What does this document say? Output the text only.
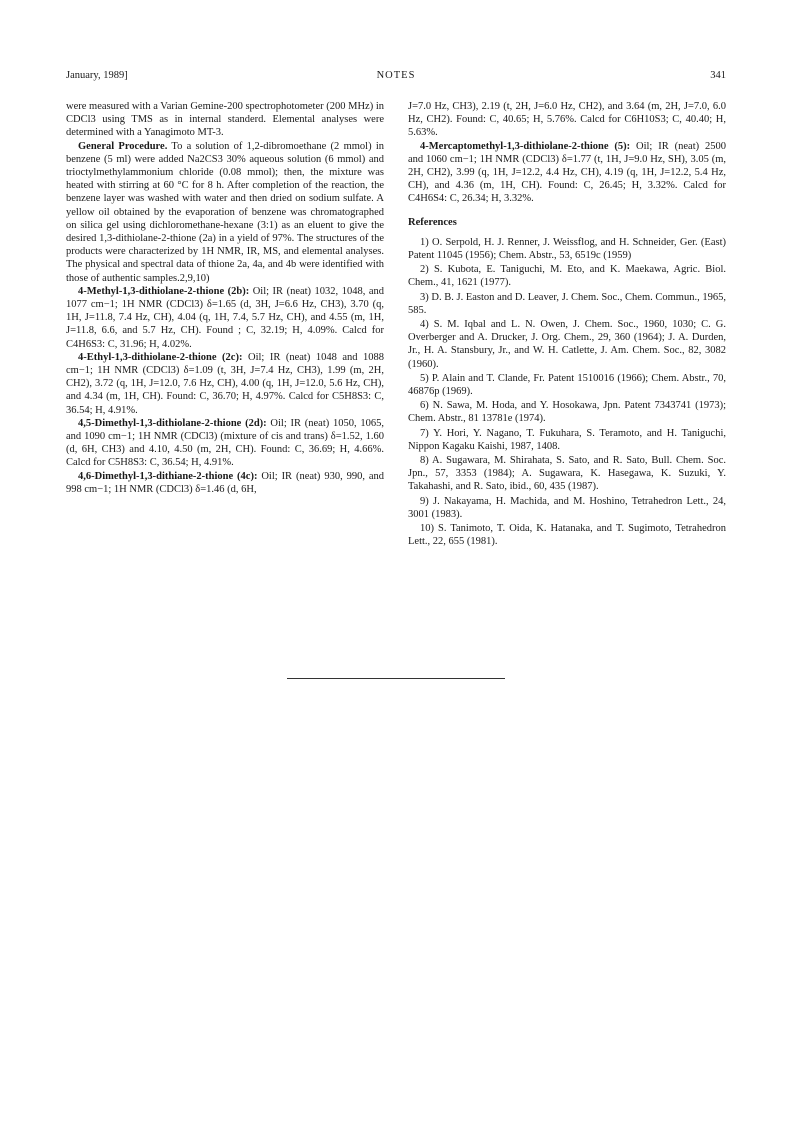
January, 1989]	NOTES	341

were measured with a Varian Gemine-200 spectrophotometer (200 MHz) in CDCl3 using TMS as in internal standerd. Elemental analyses were determined with a Yanagimoto MT-3.

General Procedure. To a solution of 1,2-dibromoethane (2 mmol) in benzene (5 ml) were added Na2CS3 30% aqueous solution (6 mmol) and trioctylmethylammonium chloride (0.08 mmol); then, the mixture was heated with stirring at 60 °C for 8 h. After completion of the reaction, the benzene layer was washed with water and then dried on sodium sulfate. A yellow oil obtained by the evaporation of benzene was chromatographed on silica gel using dichloromethane-hexane (3:1) as an eluent to give the desired 1,3-dithiolane-2-thione (2a) in a yield of 97%. The structures of the products were characterized by 1H NMR, IR, MS, and elemental analyses. The physical and spectral data of thione 2a, 4a, and 4b were identified with those of authentic samples.2,9,10)

4-Methyl-1,3-dithiolane-2-thione (2b): Oil; IR (neat) 1032, 1048, and 1077 cm−1; 1H NMR (CDCl3) δ=1.65 (d, 3H, J=6.6 Hz, CH3), 3.70 (q, 1H, J=11.8, 7.4 Hz, CH), 4.04 (q, 1H, 7.4, 5.7 Hz, CH), and 4.55 (m, 1H, J=11.8, 6.6, and 5.7 Hz, CH). Found ; C, 32.19; H, 4.09%. Calcd for C4H6S3: C, 31.96; H, 4.02%.

4-Ethyl-1,3-dithiolane-2-thione (2c): Oil; IR (neat) 1048 and 1088 cm−1; 1H NMR (CDCl3) δ=1.09 (t, 3H, J=7.4 Hz, CH3), 1.99 (m, 2H, CH2), 3.72 (q, 1H, J=12.0, 7.6 Hz, CH), 4.00 (q, 1H, J=12.0, 5.6 Hz, CH), and 4.34 (m, 1H, CH). Found: C, 36.70; H, 4.97%. Calcd for C5H8S3: C, 36.54; H, 4.91%.

4,5-Dimethyl-1,3-dithiolane-2-thione (2d): Oil; IR (neat) 1050, 1065, and 1090 cm−1; 1H NMR (CDCl3) (mixture of cis and trans) δ=1.52, 1.60 (d, 6H, CH3) and 4.10, 4.50 (m, 2H, CH). Found: C, 36.69; H, 4.66%. Calcd for C5H8S3: C, 36.54; H, 4.91%.

4,6-Dimethyl-1,3-dithiane-2-thione (4c): Oil; IR (neat) 930, 990, and 998 cm−1; 1H NMR (CDCl3) δ=1.46 (d, 6H,

J=7.0 Hz, CH3), 2.19 (t, 2H, J=6.0 Hz, CH2), and 3.64 (m, 2H, J=7.0, 6.0 Hz, CH2). Found: C, 40.65; H, 5.76%. Calcd for C6H10S3; C, 40.40; H, 5.63%.

4-Mercaptomethyl-1,3-dithiolane-2-thione (5): Oil; IR (neat) 2500 and 1060 cm−1; 1H NMR (CDCl3) δ=1.77 (t, 1H, J=9.0 Hz, SH), 3.05 (m, 2H, CH2), 3.99 (q, 1H, J=12.2, 4.4 Hz, CH), 4.19 (q, 1H, J=12.2, 5.4 Hz, CH), and 4.36 (m, 1H, CH). Found: C, 26.45; H, 3.32%. Calcd for C4H6S4: C, 26.34; H, 3.32%.

References

1) O. Serpold, H. J. Renner, J. Weissflog, and H. Schneider, Ger. (East) Patent 11045 (1956); Chem. Abstr., 53, 6519c (1959)

2) S. Kubota, E. Taniguchi, M. Eto, and K. Maekawa, Agric. Biol. Chem., 41, 1621 (1977).

3) D. B. J. Easton and D. Leaver, J. Chem. Soc., Chem. Commun., 1965, 585.

4) S. M. Iqbal and L. N. Owen, J. Chem. Soc., 1960, 1030; C. G. Overberger and A. Drucker, J. Org. Chem., 29, 360 (1964); J. A. Durden, Jr., H. A. Stansbury, Jr., and W. H. Catlette, J. Am. Chem. Soc., 82, 3082 (1960).

5) P. Alain and T. Clande, Fr. Patent 1510016 (1966); Chem. Abstr., 70, 46876p (1969).

6) N. Sawa, M. Hoda, and Y. Hosokawa, Jpn. Patent 7343741 (1973); Chem. Abstr., 81 13781e (1974).

7) Y. Hori, Y. Nagano, T. Fukuhara, S. Teramoto, and H. Taniguchi, Nippon Kagaku Kaishi, 1987, 1408.

8) A. Sugawara, M. Shirahata, S. Sato, and R. Sato, Bull. Chem. Soc. Jpn., 57, 3353 (1984); A. Sugawara, K. Hasegawa, K. Suzuki, Y. Takahashi, and R. Sato, ibid., 60, 435 (1987).

9) J. Nakayama, H. Machida, and M. Hoshino, Tetrahedron Lett., 24, 3001 (1983).

10) S. Tanimoto, T. Oida, K. Hatanaka, and T. Sugimoto, Tetrahedron Lett., 22, 655 (1981).
